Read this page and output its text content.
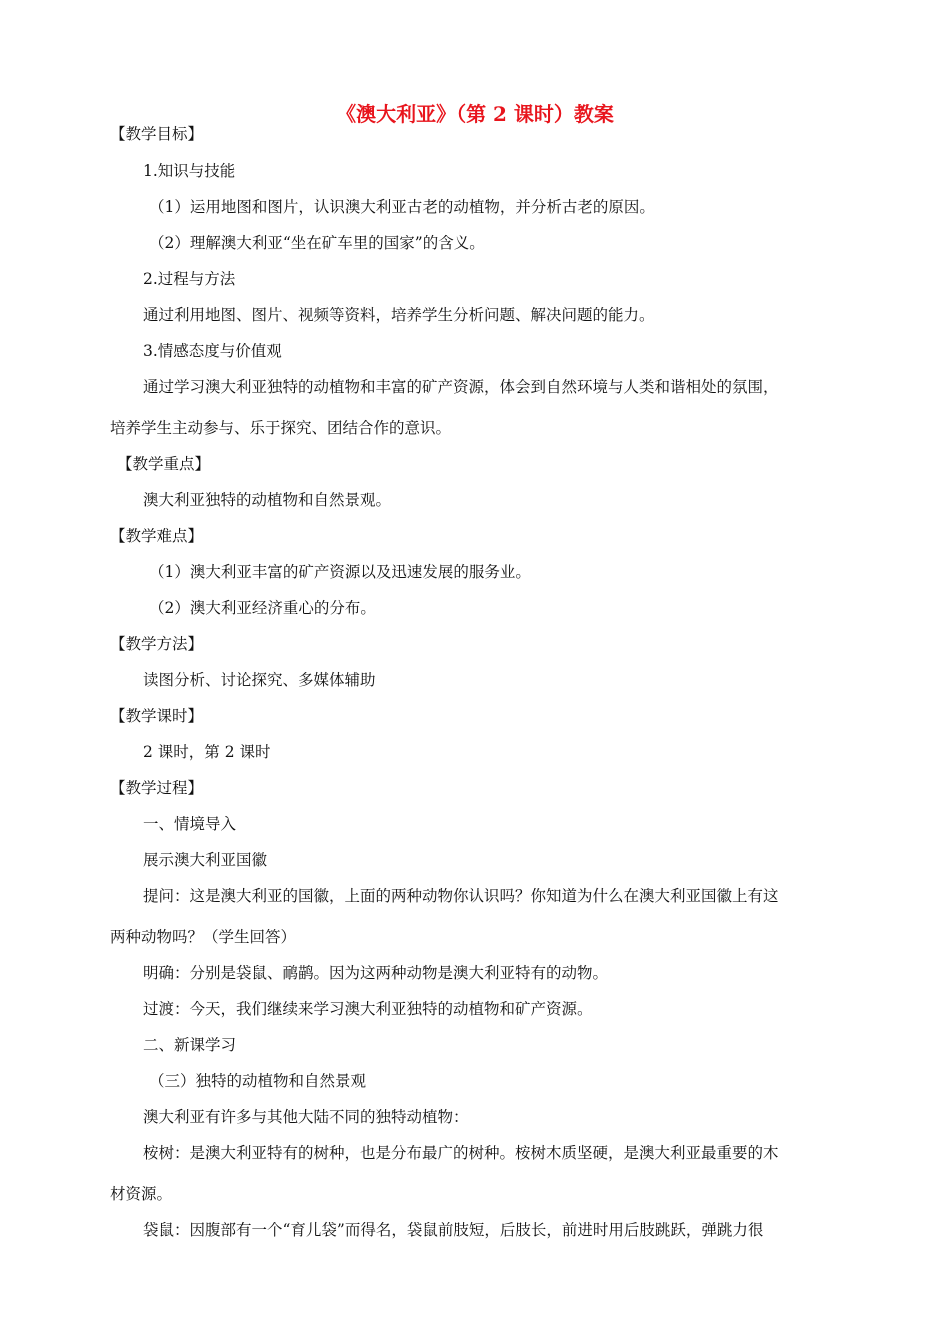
《澳大利亚》（第 2 课时）教案
【教学目标】
1.知识与技能
（1）运用地图和图片，认识澳大利亚古老的动植物，并分析古老的原因。
（2）理解澳大利亚“坐在矿车里的国家”的含义。
2.过程与方法
通过利用地图、图片、视频等资料，培养学生分析问题、解决问题的能力。
3.情感态度与价值观
通过学习澳大利亚独特的动植物和丰富的矿产资源，体会到自然环境与人类和谐相处的氛围，
培养学生主动参与、乐于探究、团结合作的意识。
【教学重点】
澳大利亚独特的动植物和自然景观。
【教学难点】
（1）澳大利亚丰富的矿产资源以及迅速发展的服务业。
（2）澳大利亚经济重心的分布。
【教学方法】
读图分析、讨论探究、多媒体辅助
【教学课时】
2 课时，第 2 课时
【教学过程】
一、情境导入
展示澳大利亚国徽
提问：这是澳大利亚的国徽，上面的两种动物你认识吗？你知道为什么在澳大利亚国徽上有这
两种动物吗？（学生回答）
明确：分别是袋鼠、鸸鹋。因为这两种动物是澳大利亚特有的动物。
过渡：今天，我们继续来学习澳大利亚独特的动植物和矿产资源。
二、新课学习
（三）独特的动植物和自然景观
澳大利亚有许多与其他大陆不同的独特动植物：
桉树：是澳大利亚特有的树种，也是分布最广的树种。桉树木质坚硬，是澳大利亚最重要的木
材资源。
袋鼠：因腹部有一个“育儿袋”而得名，袋鼠前肢短，后肢长，前进时用后肢跳跃，弹跳力很
